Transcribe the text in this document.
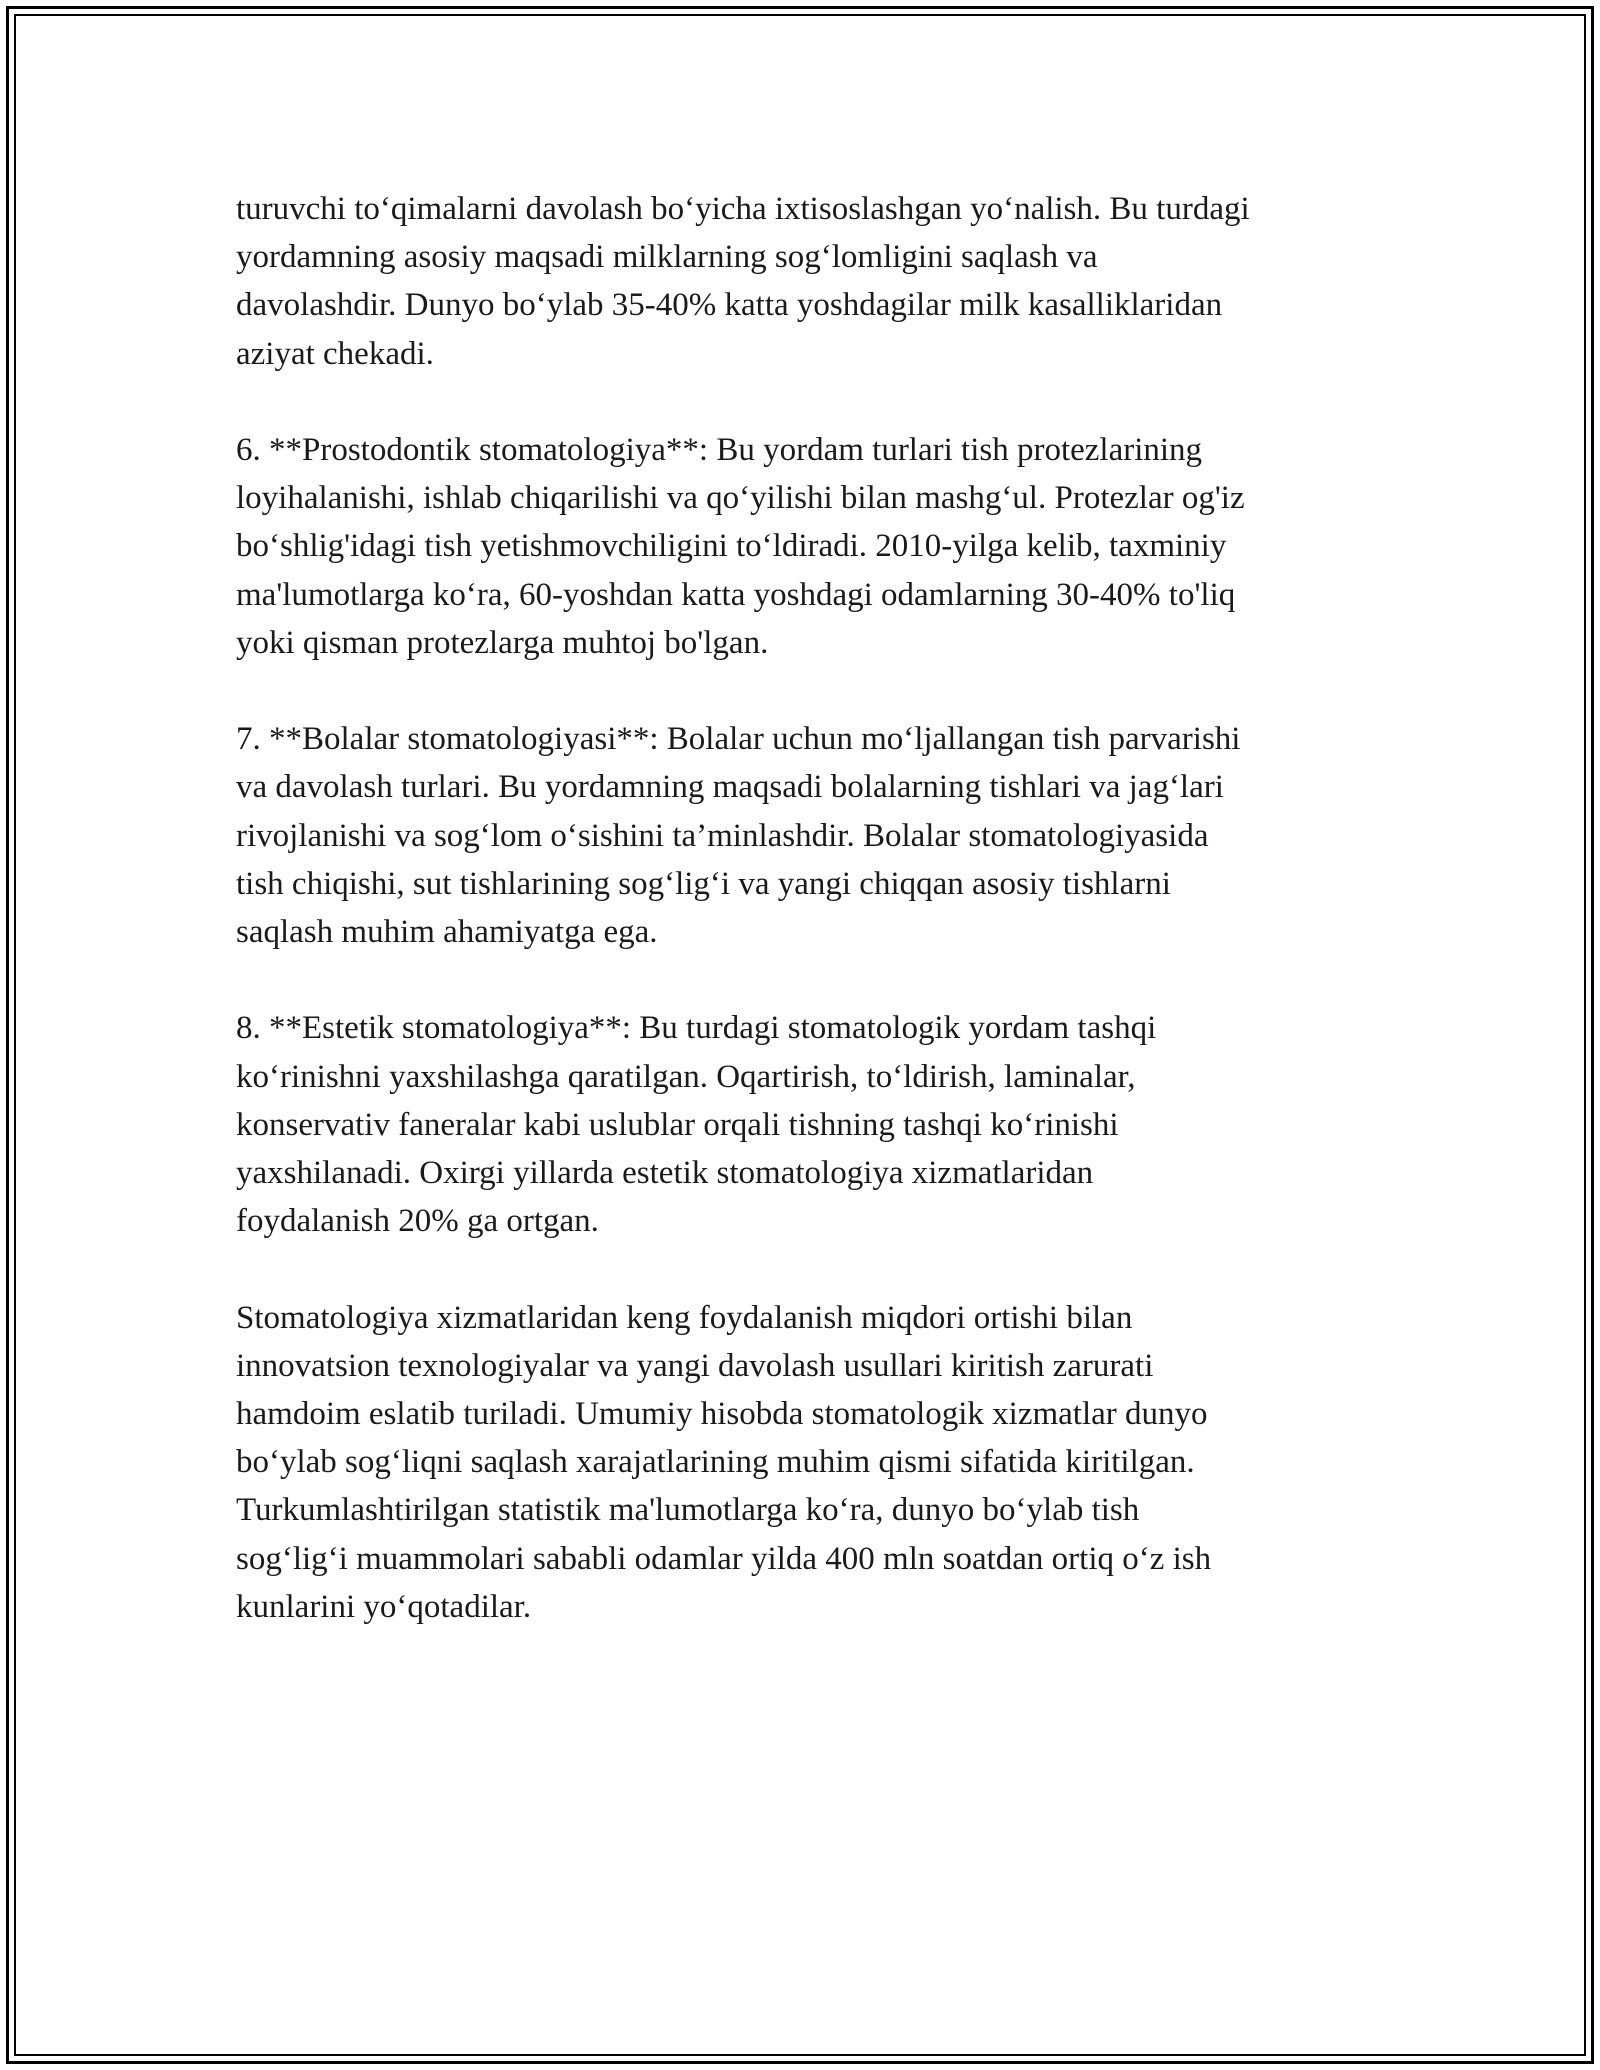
turuvchi to‘qimalarni davolash bo‘yicha ixtisoslashgan yo‘nalish. Bu turdagi
yordamning asosiy maqsadi milklarning sog‘lomligini saqlash va
davolashdir. Dunyo bo‘ylab 35-40% katta yoshdagilar milk kasalliklaridan
aziyat chekadi.

6. **Prostodontik stomatologiya**: Bu yordam turlari tish protezlarining
loyihalanishi, ishlab chiqarilishi va qo‘yilishi bilan mashg‘ul. Protezlar og'iz
bo‘shlig'idagi tish yetishmovchiligini to‘ldiradi. 2010-yilga kelib, taxminiy
ma'lumotlarga ko‘ra, 60-yoshdan katta yoshdagi odamlarning 30-40% to'liq
yoki qisman protezlarga muhtoj bo'lgan.

7. **Bolalar stomatologiyasi**: Bolalar uchun mo‘ljallangan tish parvarishi
va davolash turlari. Bu yordamning maqsadi bolalarning tishlari va jag‘lari
rivojlanishi va sog‘lom o‘sishini ta’minlashdir. Bolalar stomatologiyasida
tish chiqishi, sut tishlarining sog‘lig‘i va yangi chiqqan asosiy tishlarni
saqlash muhim ahamiyatga ega.

8. **Estetik stomatologiya**: Bu turdagi stomatologik yordam tashqi
ko‘rinishni yaxshilashga qaratilgan. Oqartirish, to‘ldirish, laminalar,
konservativ faneralar kabi uslublar orqali tishning tashqi ko‘rinishi
yaxshilanadi. Oxirgi yillarda estetik stomatologiya xizmatlaridan
foydalanish 20% ga ortgan.

Stomatologiya xizmatlaridan keng foydalanish miqdori ortishi bilan
innovatsion texnologiyalar va yangi davolash usullari kiritish zarurati
hamdoim eslatib turiladi. Umumiy hisobda stomatologik xizmatlar dunyo
bo‘ylab sog‘liqni saqlash xarajatlarining muhim qismi sifatida kiritilgan.
Turkumlashtirilgan statistik ma'lumotlarga ko‘ra, dunyo bo‘ylab tish
sog‘lig‘i muammolari sababli odamlar yilda 400 mln soatdan ortiq o‘z ish
kunlarini yo‘qotadilar.
